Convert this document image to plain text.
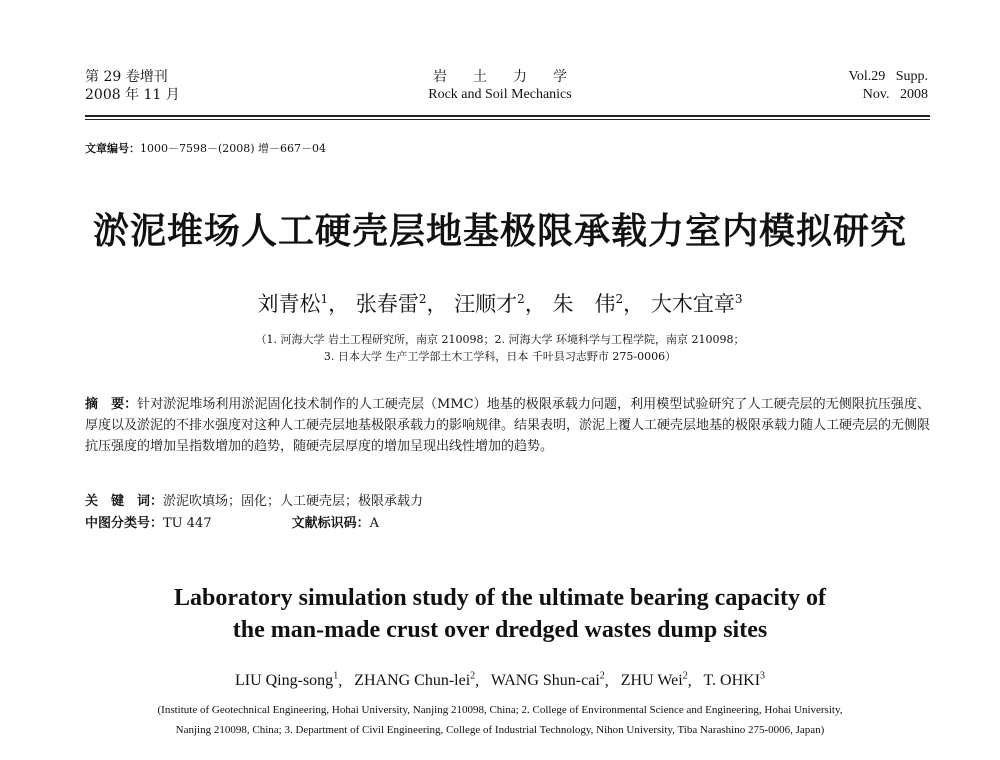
第 29 卷增刊
2008 年 11 月
岩土力学
Rock and Soil Mechanics
Vol.29   Supp.
Nov.   2008
文章编号：1000－7598－(2008) 增－667－04
淤泥堆场人工硬壳层地基极限承载力室内模拟研究
刘青松$^1$， 张春雷$^2$， 汪顺才$^2$， 朱　伟$^2$， 大木宜章$^3$
（1. 河海大学 岩土工程研究所，南京 210098；2. 河海大学 环境科学与工程学院，南京 210098；
3. 日本大学 生产工学部土木工学科，日本 千叶县习志野市 275-0006）
摘　要：针对淤泥堆场利用淤泥固化技术制作的人工硬壳层（MMC）地基的极限承载力问题，利用模型试验研究了人工硬壳层的无侧限抗压强度、厚度以及淤泥的不排水强度对这种人工硬壳层地基极限承载力的影响规律。结果表明，淤泥上覆人工硬壳层地基的极限承载力随人工硬壳层的无侧限抗压强度的增加呈指数增加的趋势，随硬壳层厚度的增加呈现出线性增加的趋势。
关　键　词：淤泥吹填场；固化；人工硬壳层；极限承载力
中图分类号：TU 447	文献标识码：A
Laboratory simulation study of the ultimate bearing capacity of
the man-made crust over dredged wastes dump sites
LIU Qing-song$^1$,   ZHANG Chun-lei$^2$,   WANG Shun-cai$^2$,   ZHU Wei$^2$,   T. OHKI$^3$
(Institute of Geotechnical Engineering, Hohai University, Nanjing 210098, China; 2. College of Environmental Science and Engineering, Hohai University,
Nanjing 210098, China; 3. Department of Civil Engineering, College of Industrial Technology, Nihon University, Tiba Narashino 275-0006, Japan)
